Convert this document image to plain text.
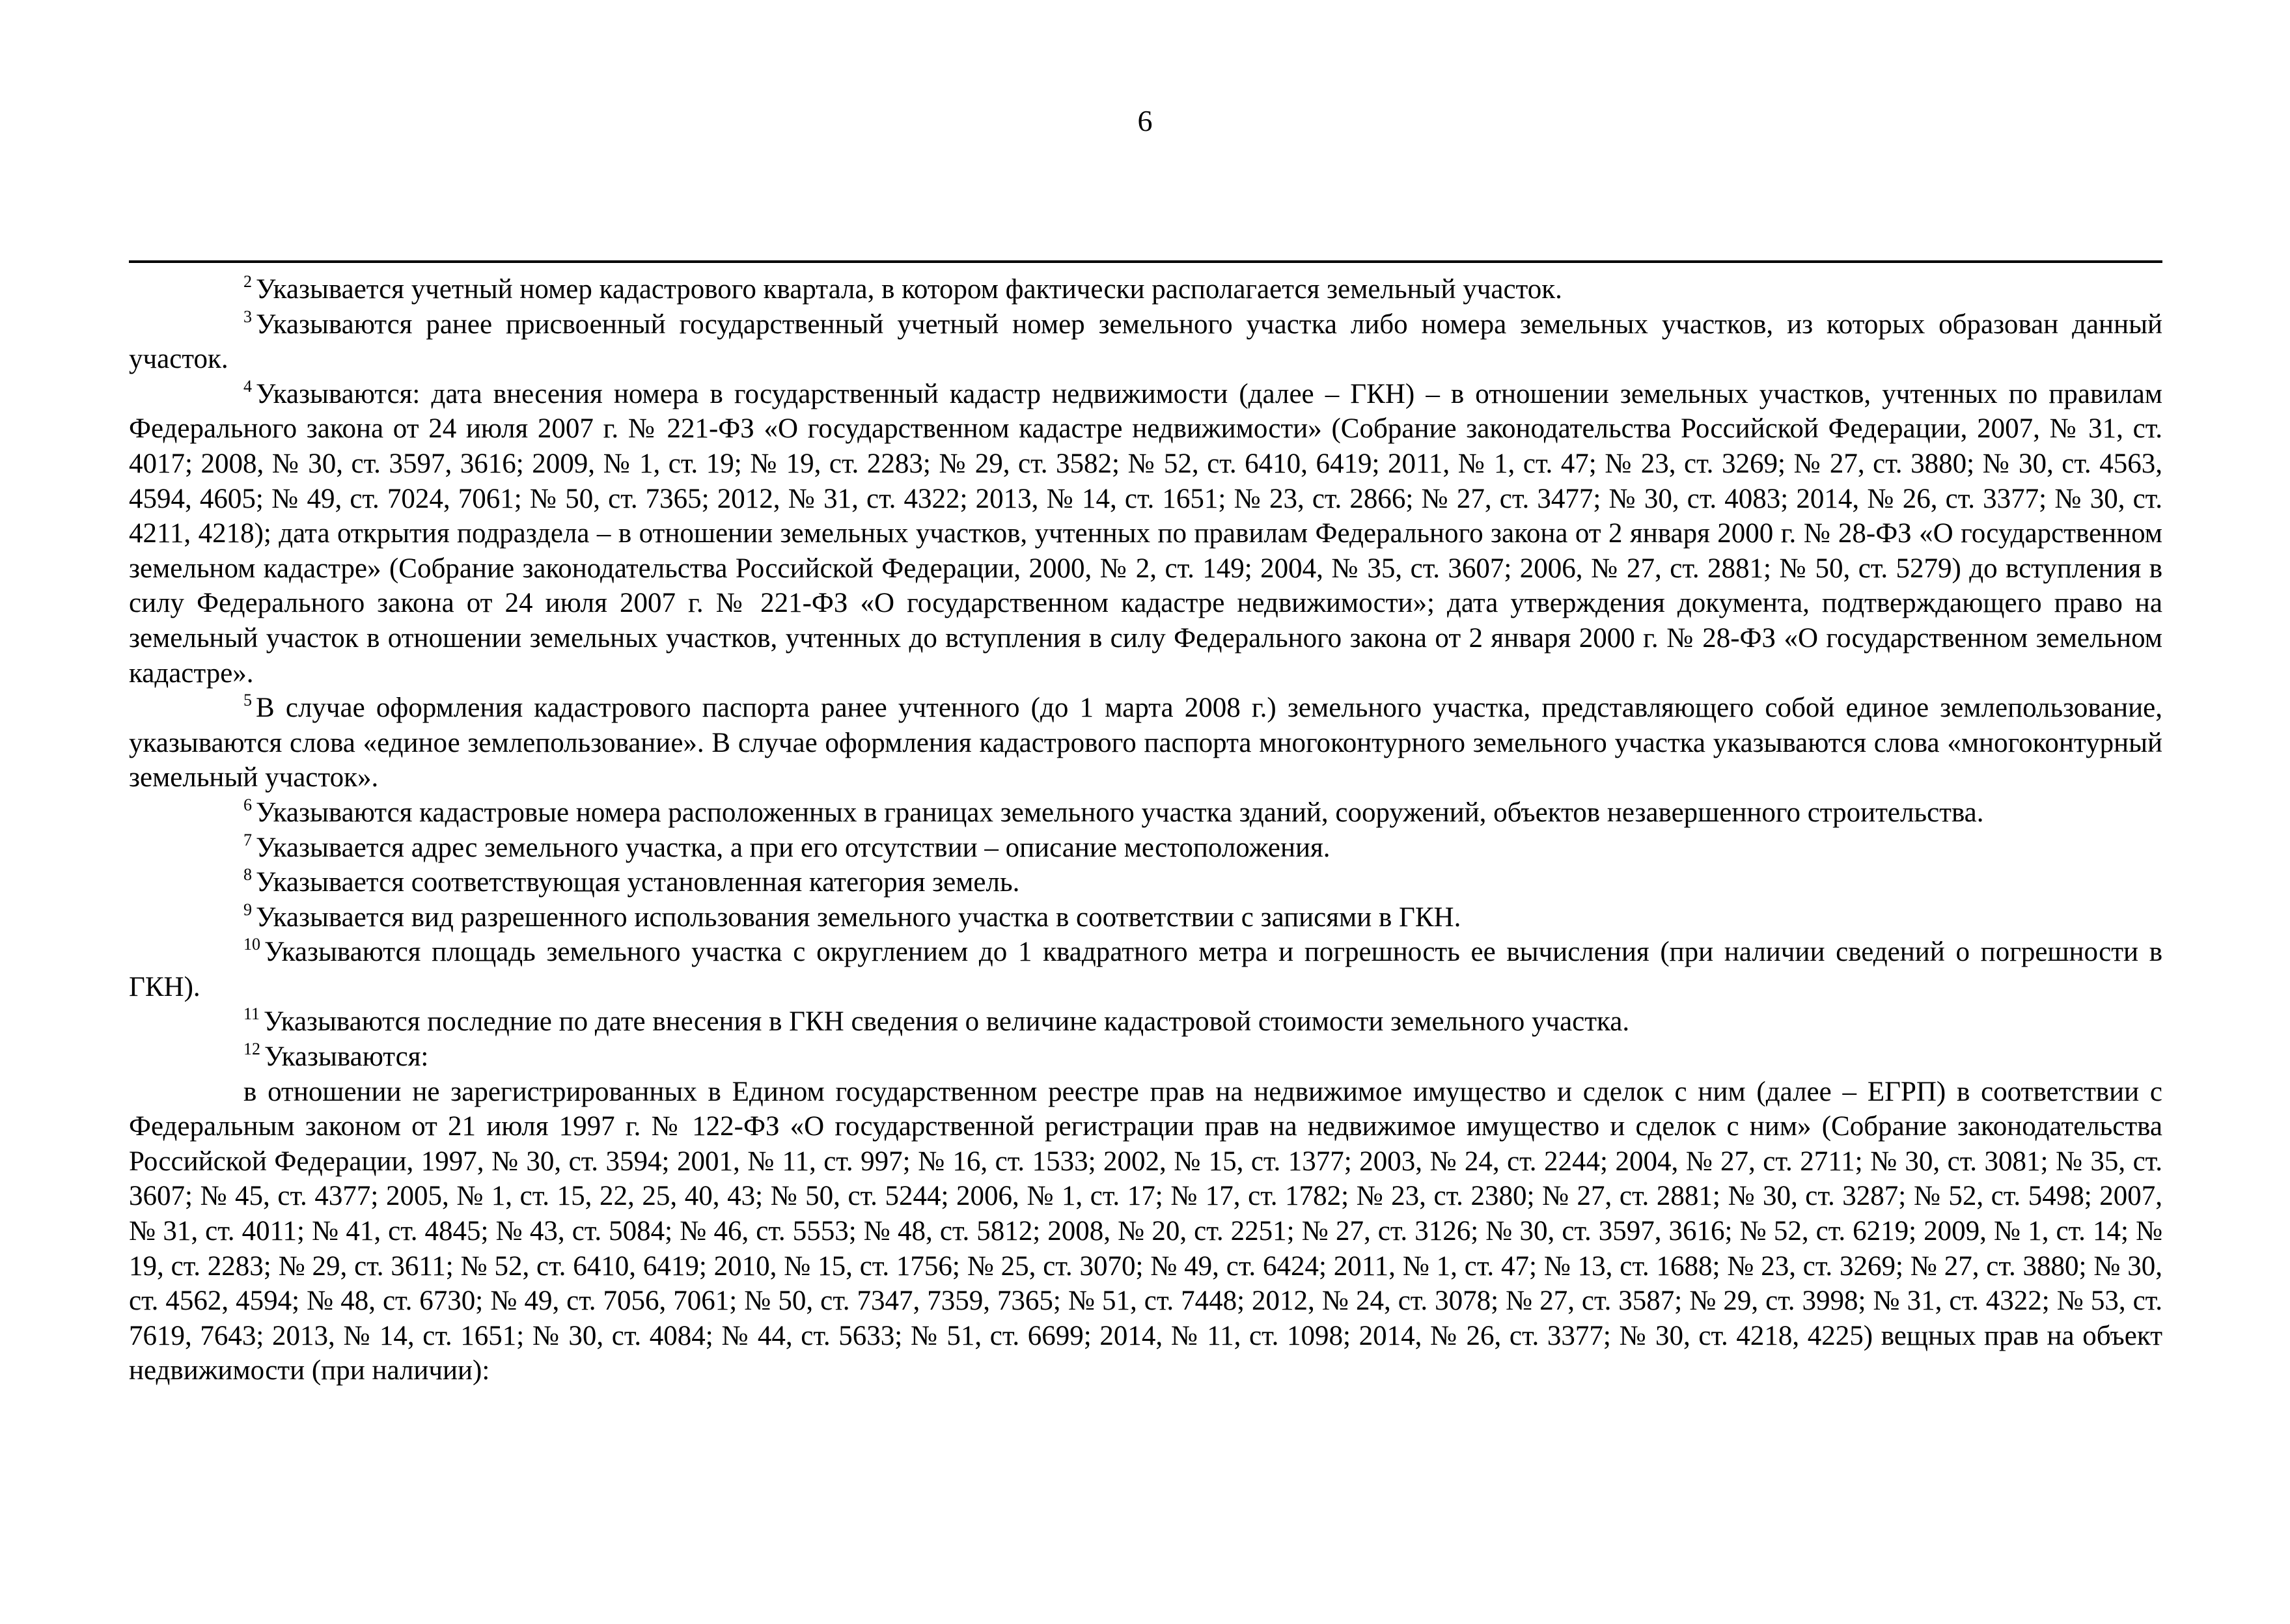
6

$^2$ Указывается учетный номер кадастрового квартала, в котором фактически располагается земельный участок.

$^3$ Указываются ранее присвоенный государственный учетный номер земельного участка либо номера земельных участков, из которых образован данный участок.

$^4$ Указываются: дата внесения номера в государственный кадастр недвижимости (далее – ГКН) – в отношении земельных участков, учтенных по правилам Федерального закона от 24 июля 2007 г. № 221-ФЗ «О государственном кадастре недвижимости» (Собрание законодательства Российской Федерации, 2007, № 31, ст. 4017; 2008, № 30, ст. 3597, 3616; 2009, № 1, ст. 19; № 19, ст. 2283; № 29, ст. 3582; № 52, ст. 6410, 6419; 2011, № 1, ст. 47; № 23, ст. 3269; № 27, ст. 3880; № 30, ст. 4563, 4594, 4605; № 49, ст. 7024, 7061; № 50, ст. 7365; 2012, № 31, ст. 4322; 2013, № 14, ст. 1651; № 23, ст. 2866; № 27, ст. 3477; № 30, ст. 4083; 2014, № 26, ст. 3377; № 30, ст. 4211, 4218); дата открытия подраздела – в отношении земельных участков, учтенных по правилам Федерального закона от 2 января 2000 г. № 28-ФЗ «О государственном земельном кадастре» (Собрание законодательства Российской Федерации, 2000, № 2, ст. 149; 2004, № 35, ст. 3607; 2006, № 27, ст. 2881; № 50, ст. 5279) до вступления в силу Федерального закона от 24 июля 2007 г. № 221-ФЗ «О государственном кадастре недвижимости»; дата утверждения документа, подтверждающего право на земельный участок в отношении земельных участков, учтенных до вступления в силу Федерального закона от 2 января 2000 г. № 28-ФЗ «О государственном земельном кадастре».

$^5$ В случае оформления кадастрового паспорта ранее учтенного (до 1 марта 2008 г.) земельного участка, представляющего собой единое землепользование, указываются слова «единое землепользование». В случае оформления кадастрового паспорта многоконтурного земельного участка указываются слова «многоконтурный земельный участок».

$^6$ Указываются кадастровые номера расположенных в границах земельного участка зданий, сооружений, объектов незавершенного строительства.

$^7$ Указывается адрес земельного участка, а при его отсутствии – описание местоположения.

$^8$ Указывается соответствующая установленная категория земель.

$^9$ Указывается вид разрешенного использования земельного участка в соответствии с записями в ГКН.

$^{10}$ Указываются площадь земельного участка с округлением до 1 квадратного метра и погрешность ее вычисления (при наличии сведений о погрешности в ГКН).

$^{11}$ Указываются последние по дате внесения в ГКН сведения о величине кадастровой стоимости земельного участка.

$^{12}$ Указываются:

в отношении не зарегистрированных в Едином государственном реестре прав на недвижимое имущество и сделок с ним (далее – ЕГРП) в соответствии с Федеральным законом от 21 июля 1997 г. № 122-ФЗ «О государственной регистрации прав на недвижимое имущество и сделок с ним» (Собрание законодательства Российской Федерации, 1997, № 30, ст. 3594; 2001, № 11, ст. 997; № 16, ст. 1533; 2002, № 15, ст. 1377; 2003, № 24, ст. 2244; 2004, № 27, ст. 2711; № 30, ст. 3081; № 35, ст. 3607; № 45, ст. 4377; 2005, № 1, ст. 15, 22, 25, 40, 43; № 50, ст. 5244; 2006, № 1, ст. 17; № 17, ст. 1782; № 23, ст. 2380; № 27, ст. 2881; № 30, ст. 3287; № 52, ст. 5498; 2007, № 31, ст. 4011; № 41, ст. 4845; № 43, ст. 5084; № 46, ст. 5553; № 48, ст. 5812; 2008, № 20, ст. 2251; № 27, ст. 3126; № 30, ст. 3597, 3616; № 52, ст. 6219; 2009, № 1, ст. 14; № 19, ст. 2283; № 29, ст. 3611; № 52, ст. 6410, 6419; 2010, № 15, ст. 1756; № 25, ст. 3070; № 49, ст. 6424; 2011, № 1, ст. 47; № 13, ст. 1688; № 23, ст. 3269; № 27, ст. 3880; № 30, ст. 4562, 4594; № 48, ст. 6730; № 49, ст. 7056, 7061; № 50, ст. 7347, 7359, 7365; № 51, ст. 7448; 2012, № 24, ст. 3078; № 27, ст. 3587; № 29, ст. 3998; № 31, ст. 4322; № 53, ст. 7619, 7643; 2013, № 14, ст. 1651; № 30, ст. 4084; № 44, ст. 5633; № 51, ст. 6699; 2014, № 11, ст. 1098; 2014, № 26, ст. 3377; № 30, ст. 4218, 4225) вещных прав на объект недвижимости (при наличии):
